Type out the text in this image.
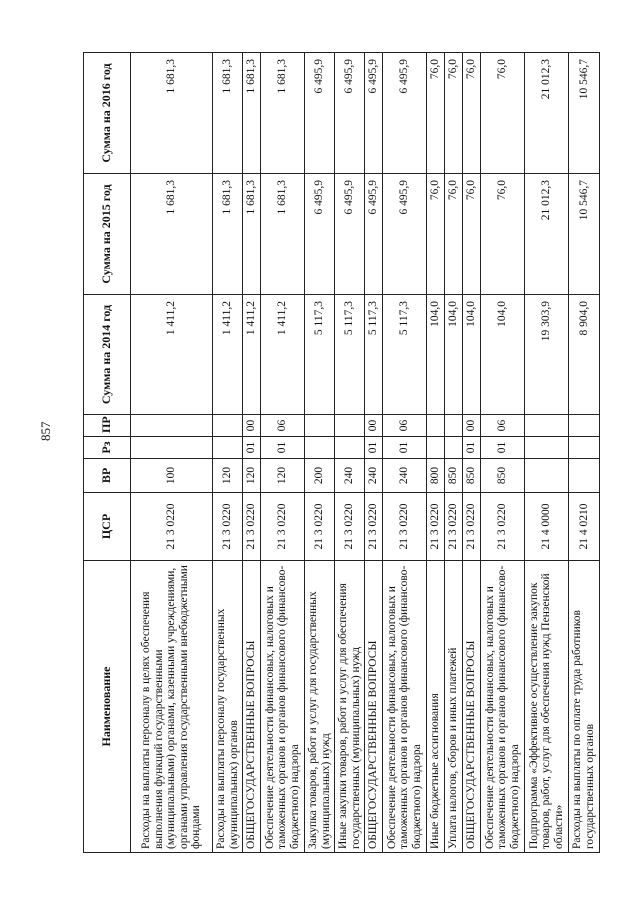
857
Наименование	ЦСР	ВР	Рз	ПР	Сумма на 2014 год	Сумма на 2015 год	Сумма на 2016 год
Расходы на выплаты персоналу в целях обеспечения выполнения функций государственными (муниципальными) органами, казенными учреждениями, органами управления государственными внебюджетными фондами	21 3 0220	100			1 411,2	1 681,3	1 681,3
Расходы на выплаты персоналу государственных (муниципальных) органов	21 3 0220	120			1 411,2	1 681,3	1 681,3
ОБЩЕГОСУДАРСТВЕННЫЕ ВОПРОСЫ	21 3 0220	120	01	00	1 411,2	1 681,3	1 681,3
Обеспечение деятельности финансовых, налоговых и таможенных органов и органов финансового (финансово-бюджетного) надзора	21 3 0220	120	01	06	1 411,2	1 681,3	1 681,3
Закупка товаров, работ и услуг для государственных (муниципальных) нужд	21 3 0220	200			5 117,3	6 495,9	6 495,9
Иные закупки товаров, работ и услуг для обеспечения государственных (муниципальных) нужд	21 3 0220	240			5 117,3	6 495,9	6 495,9
ОБЩЕГОСУДАРСТВЕННЫЕ ВОПРОСЫ	21 3 0220	240	01	00	5 117,3	6 495,9	6 495,9
Обеспечение деятельности финансовых, налоговых и таможенных органов и органов финансового (финансово-бюджетного) надзора	21 3 0220	240	01	06	5 117,3	6 495,9	6 495,9
Иные бюджетные ассигнования	21 3 0220	800			104,0	76,0	76,0
Уплата налогов, сборов и иных платежей	21 3 0220	850			104,0	76,0	76,0
ОБЩЕГОСУДАРСТВЕННЫЕ ВОПРОСЫ	21 3 0220	850	01	00	104,0	76,0	76,0
Обеспечение деятельности финансовых, налоговых и таможенных органов и органов финансового (финансово-бюджетного) надзора	21 3 0220	850	01	06	104,0	76,0	76,0
Подпрограмма «Эффективное осуществление закупок товаров, работ, услуг для обеспечения нужд Пензенской области»	21 4 0000				19 303,9	21 012,3	21 012,3
Расходы на выплаты по оплате труда работников государственных органов	21 4 0210				8 904,0	10 546,7	10 546,7
